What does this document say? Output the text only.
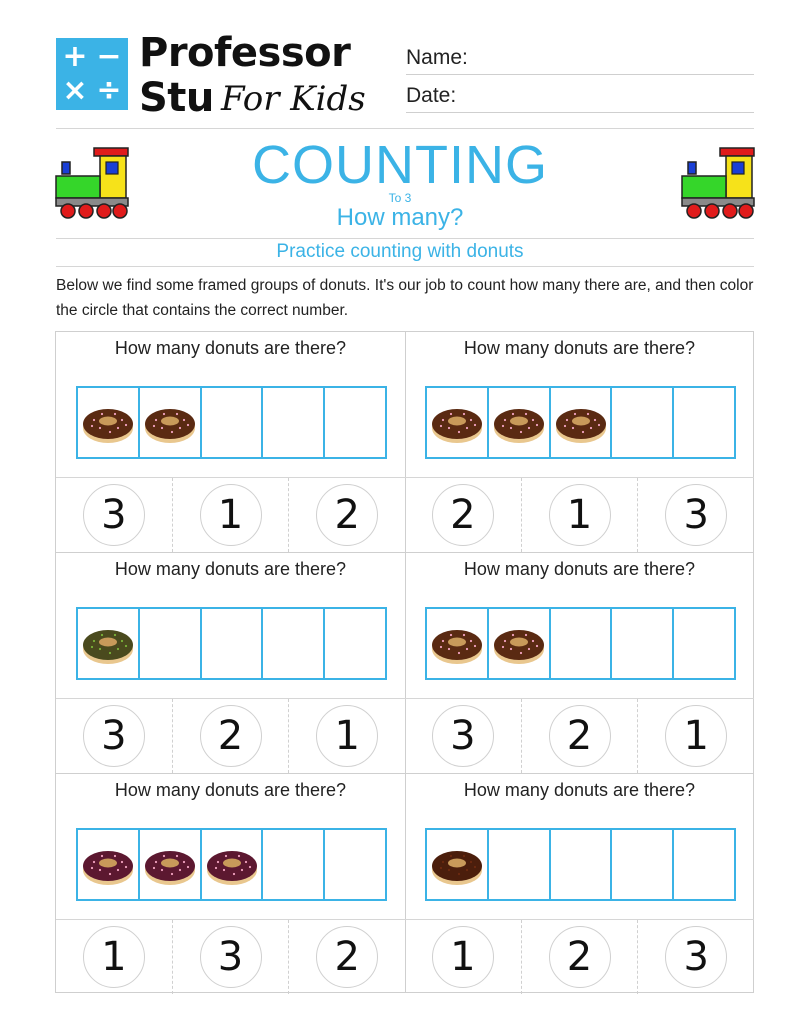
+ −
× ÷
Professor
Stu For Kids
Name:
Date:
COUNTING
To 3
How many?
Practice counting with donuts
Below we find some framed groups of donuts. It's our job to count how many there are, and then color the circle that contains the correct number.
How many donuts are there?
3	1	2
How many donuts are there?
2	1	3
How many donuts are there?
3	2	1
How many donuts are there?
3	2	1
How many donuts are there?
1	3	2
How many donuts are there?
1	2	3
